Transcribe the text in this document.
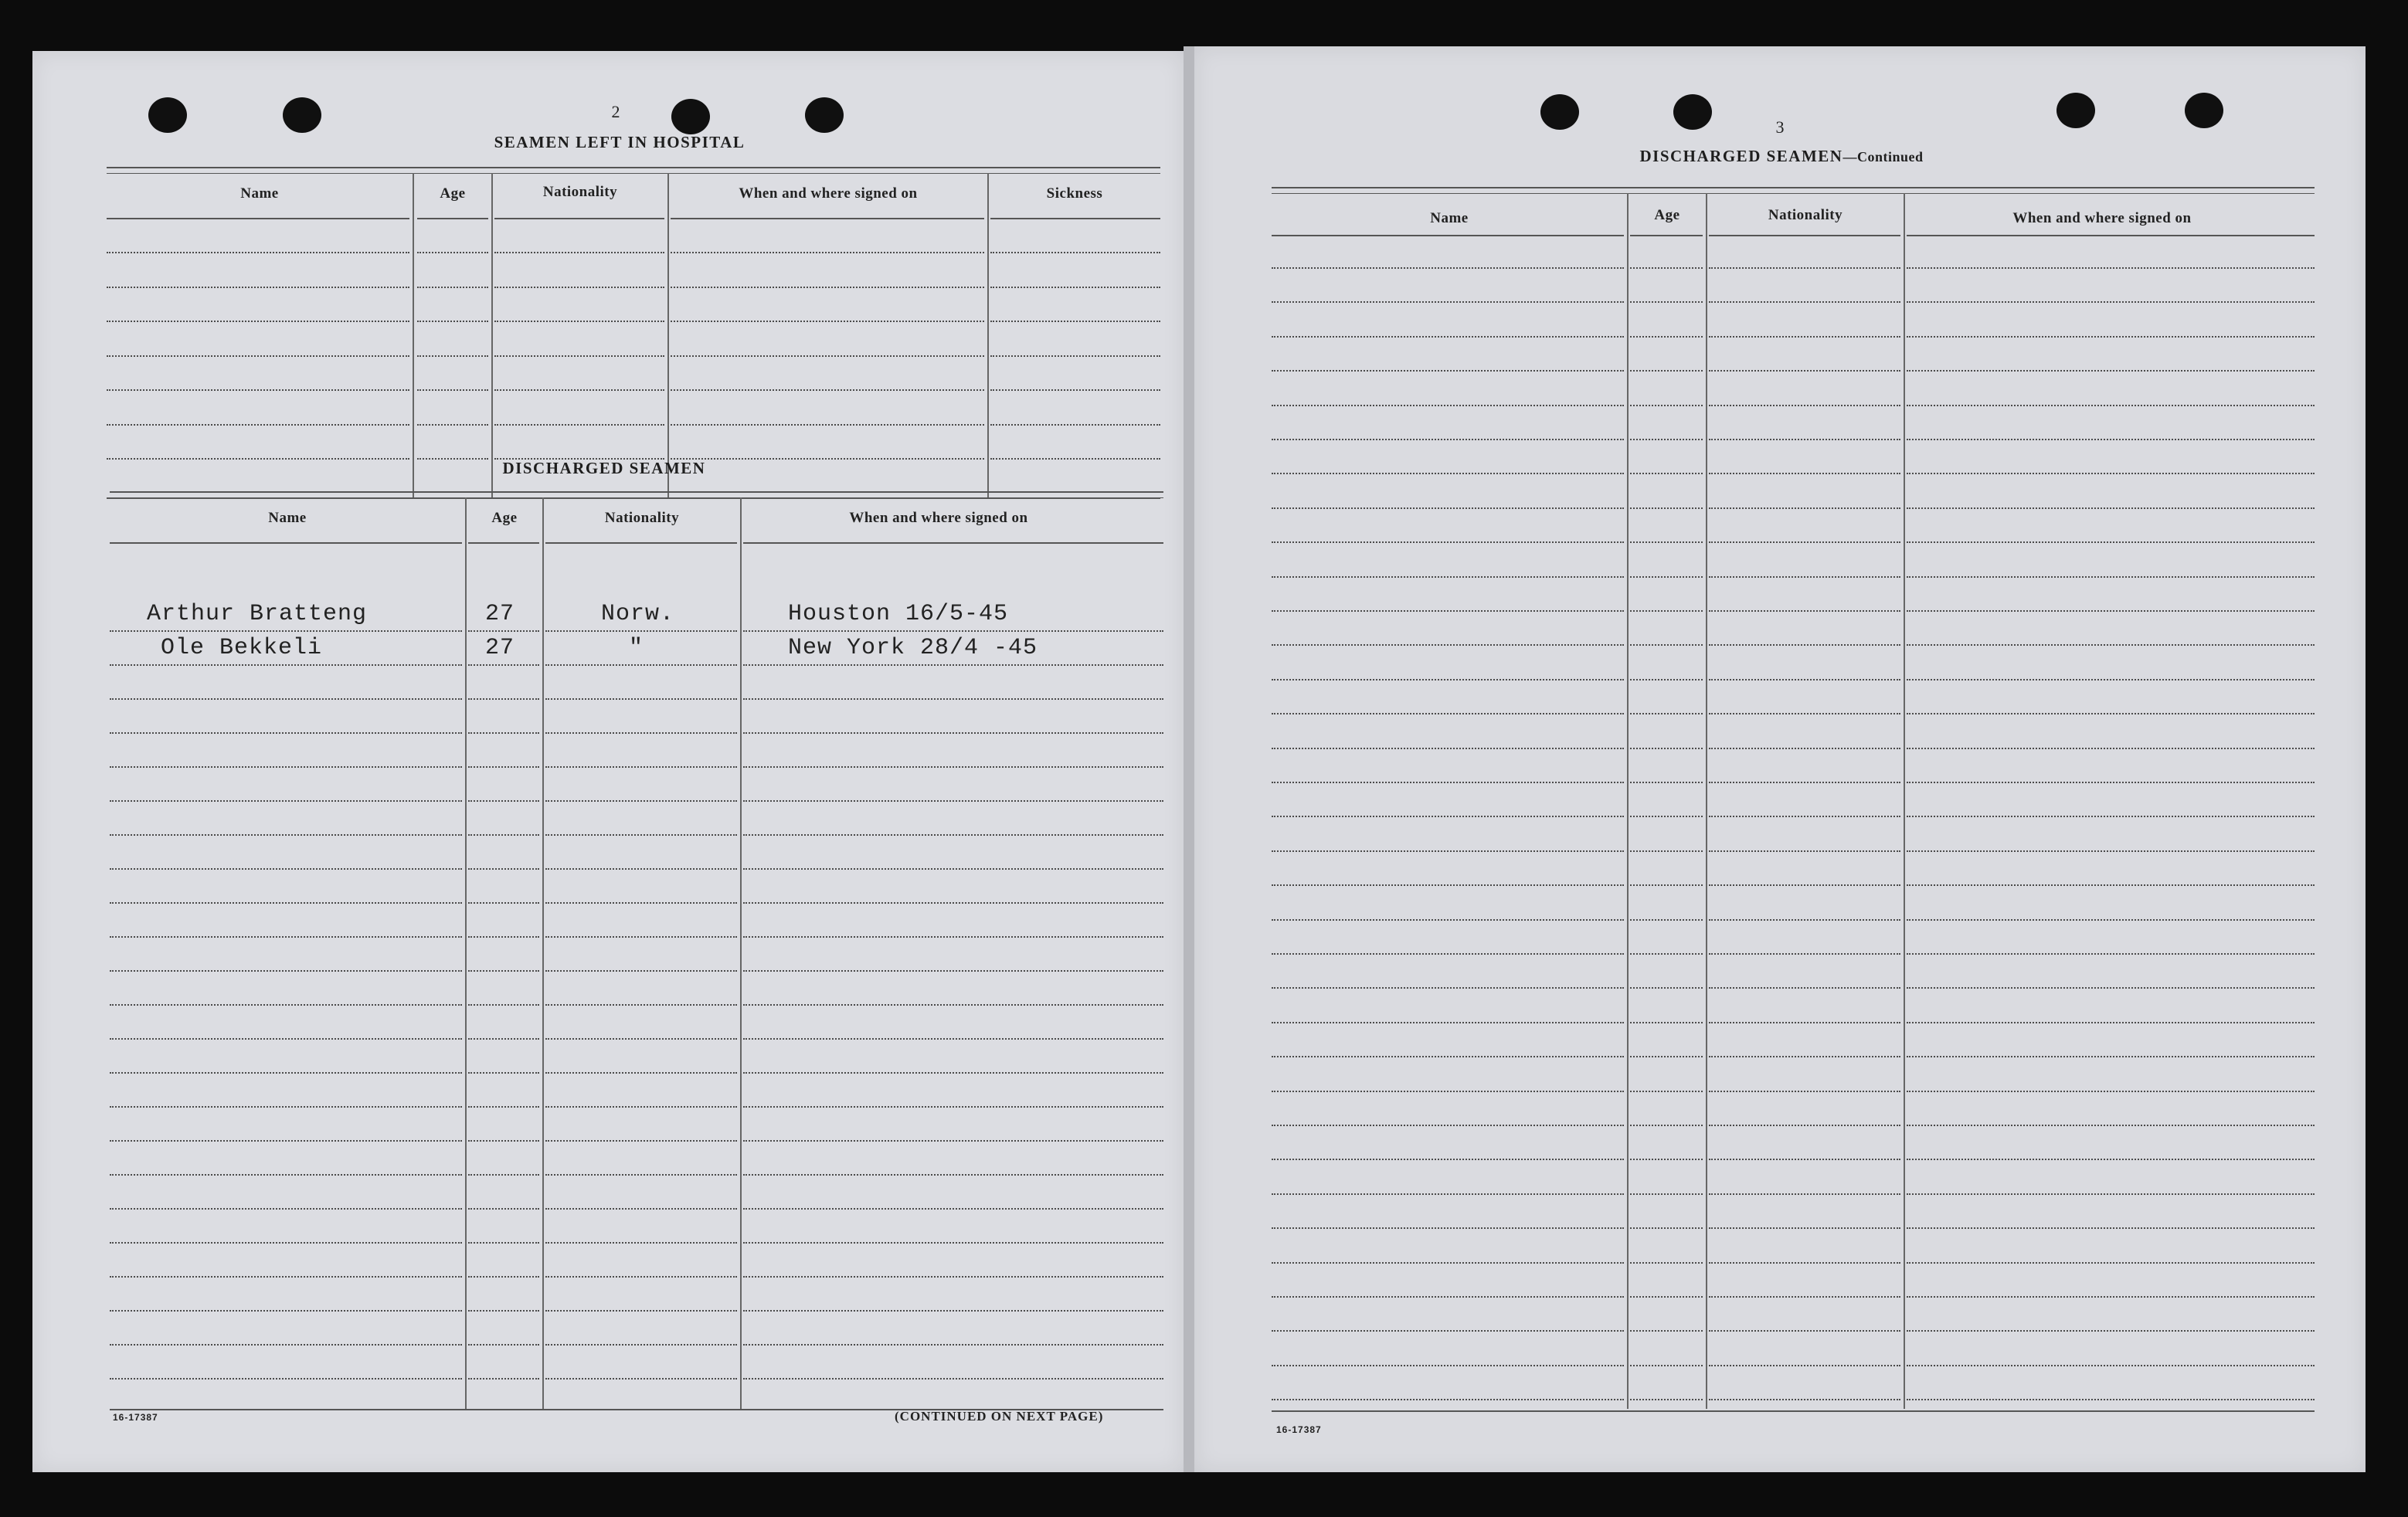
2
SEAMEN LEFT IN HOSPITAL
Name	Age	Nationality	When and where signed on	Sickness
DISCHARGED SEAMEN
Name	Age	Nationality	When and where signed on
Arthur Bratteng	27	Norw.	Houston 16/5-45
Ole Bekkeli	27	"	New York 28/4 -45
16-17387	(CONTINUED ON NEXT PAGE)
3
DISCHARGED SEAMEN—Continued
Name	Age	Nationality	When and where signed on
16-17387
